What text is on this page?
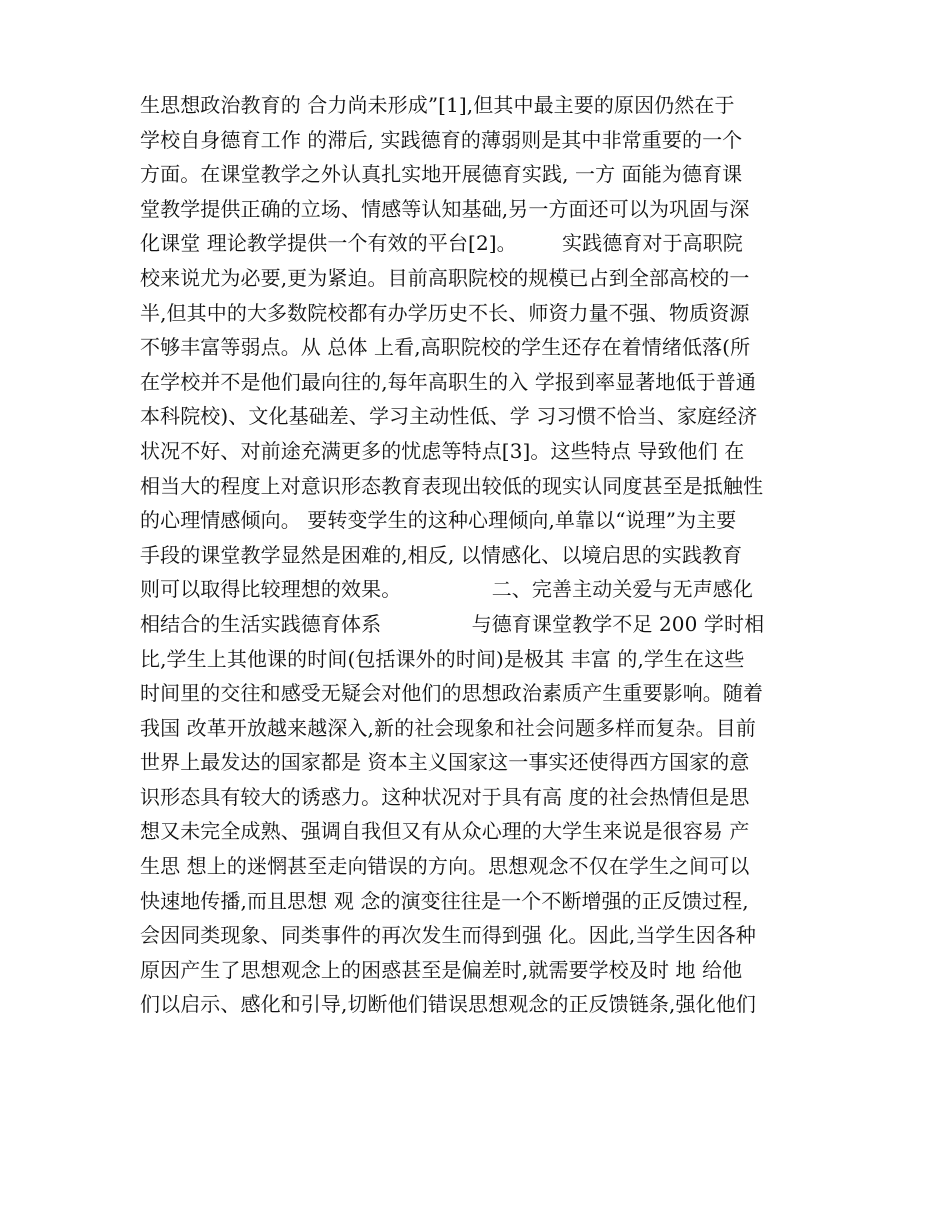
生思想政治教育的 合力尚未形成”[1],但其中最主要的原因仍然在于
学校自身德育工作 的滞后, 实践德育的薄弱则是其中非常重要的一个
方面。在课堂教学之外认真扎实地开展德育实践, 一方 面能为德育课
堂教学提供正确的立场、情感等认知基础,另一方面还可以为巩固与深
化课堂 理论教学提供一个有效的平台[2]。       实践德育对于高职院
校来说尤为必要,更为紧迫。目前高职院校的规模已占到全部高校的一
半,但其中的大多数院校都有办学历史不长、师资力量不强、物质资源
不够丰富等弱点。从 总体 上看,高职院校的学生还存在着情绪低落(所
在学校并不是他们最向往的,每年高职生的入 学报到率显著地低于普通
本科院校)、文化基础差、学习主动性低、学 习习惯不恰当、家庭经济
状况不好、对前途充满更多的忧虑等特点[3]。这些特点 导致他们 在
相当大的程度上对意识形态教育表现出较低的现实认同度甚至是抵触性
的心理情感倾向。 要转变学生的这种心理倾向,单靠以“说理”为主要
手段的课堂教学显然是困难的,相反, 以情感化、以境启思的实践教育
则可以取得比较理想的效果。              二、完善主动关爱与无声感化
相结合的生活实践德育体系              与德育课堂教学不足 200 学时相
比,学生上其他课的时间(包括课外的时间)是极其 丰富 的,学生在这些
时间里的交往和感受无疑会对他们的思想政治素质产生重要影响。随着
我国 改革开放越来越深入,新的社会现象和社会问题多样而复杂。目前
世界上最发达的国家都是 资本主义国家这一事实还使得西方国家的意
识形态具有较大的诱惑力。这种状况对于具有高 度的社会热情但是思
想又未完全成熟、强调自我但又有从众心理的大学生来说是很容易 产
生思 想上的迷惘甚至走向错误的方向。思想观念不仅在学生之间可以
快速地传播,而且思想 观 念的演变往往是一个不断增强的正反馈过程,
会因同类现象、同类事件的再次发生而得到强 化。因此,当学生因各种
原因产生了思想观念上的困惑甚至是偏差时,就需要学校及时 地 给他
们以启示、感化和引导,切断他们错误思想观念的正反馈链条,强化他们
